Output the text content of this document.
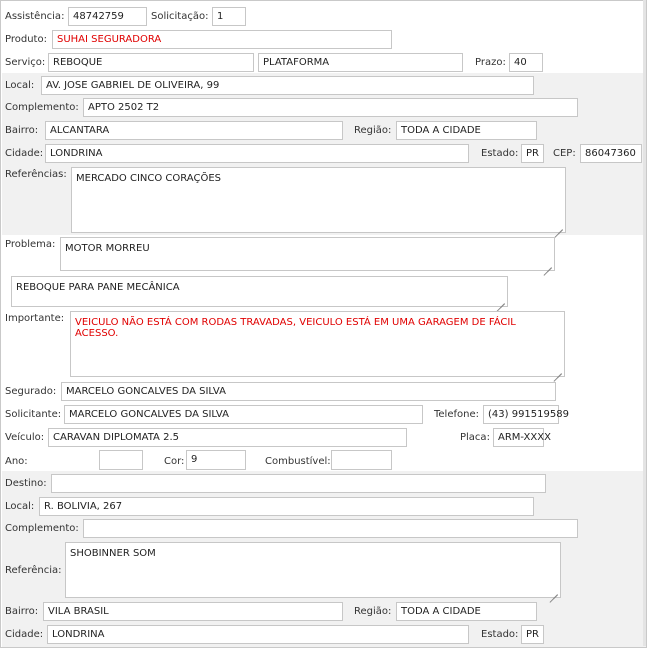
Assistência: 48742759	Solicitação: 1
Produto:	SUHAI SEGURADORA
Serviço: REBOQUE	PLATAFORMA	Prazo: 40
Local:	AV. JOSE GABRIEL DE OLIVEIRA, 99
Complemento: APTO 2502 T2
Bairro:	ALCANTARA	Região: TODA A CIDADE
Cidade: LONDRINA	Estado: PR	CEP: 86047360
Referências: MERCADO CINCO CORAÇÕES
Problema: MOTOR MORREU
REBOQUE PARA PANE MECÂNICA
Importante:	VEICULO NÃO ESTÁ COM RODAS TRAVADAS, VEICULO ESTÁ EM UMA GARAGEM DE FÁCIL ACESSO.
Segurado: MARCELO GONCALVES DA SILVA
Solicitante: MARCELO GONCALVES DA SILVA	Telefone: (43) 991519589
Veículo: CARAVAN DIPLOMATA 2.5	Placa: ARM-XXXX
Ano:	Cor: 9	Combustível:
Destino:
Local: R. BOLIVIA, 267
Complemento:
Referência:
SHOBINNER SOM
Bairro: VILA BRASIL	Região: TODA A CIDADE
Cidade: LONDRINA	Estado: PR
